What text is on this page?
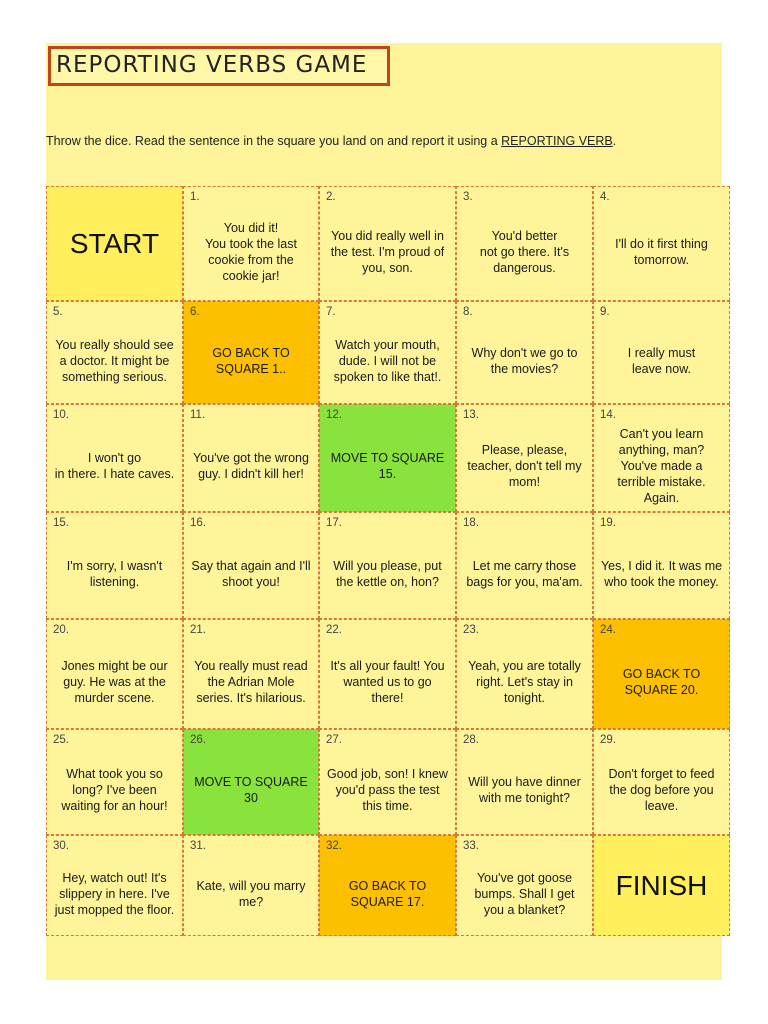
REPORTING VERBS GAME
Throw the dice. Read the sentence in the square you land on and report it using a REPORTING VERB.
START
1.
You did it!
You took the last cookie from the cookie jar!
2.
You did really well in the test. I'm proud of you, son.
3.
You'd better
not go there. It's dangerous.
4.
I'll do it first thing tomorrow.
5.
You really should see a doctor. It might be something serious.
6.
GO BACK TO SQUARE 1..
7.
Watch your mouth, dude. I will not be spoken to like that!.
8.
Why don't we go to the movies?
9.
I really must
leave now.
10.
I won't go
in there. I hate caves.
11.
You've got the wrong guy. I didn't kill her!
12.
MOVE TO SQUARE
15.
13.
Please, please, teacher, don't tell my mom!
14.
Can't you learn anything, man? You've made a terrible mistake. Again.
15.
I'm sorry, I wasn't listening.
16.
Say that again and I'll shoot you!
17.
Will you please, put the kettle on, hon?
18.
Let me carry those bags for you, ma'am.
19.
Yes, I did it. It was me who took the money.
20.
Jones might be our guy. He was at the murder scene.
21.
You really must read the Adrian Mole series. It's hilarious.
22.
It's all your fault! You wanted us to go there!
23.
Yeah, you are totally right. Let's stay in tonight.
24.
GO BACK TO SQUARE 20.
25.
What took you so long? I've been waiting for an hour!
26.
MOVE TO SQUARE 30
27.
Good job, son! I knew you'd pass the test this time.
28.
Will you have dinner with me tonight?
29.
Don't forget to feed the dog before you leave.
30.
Hey, watch out! It's slippery in here. I've just mopped the floor.
31.
Kate, will you marry me?
32.
GO BACK TO SQUARE 17.
33.
You've got goose bumps. Shall I get you a blanket?
FINISH
